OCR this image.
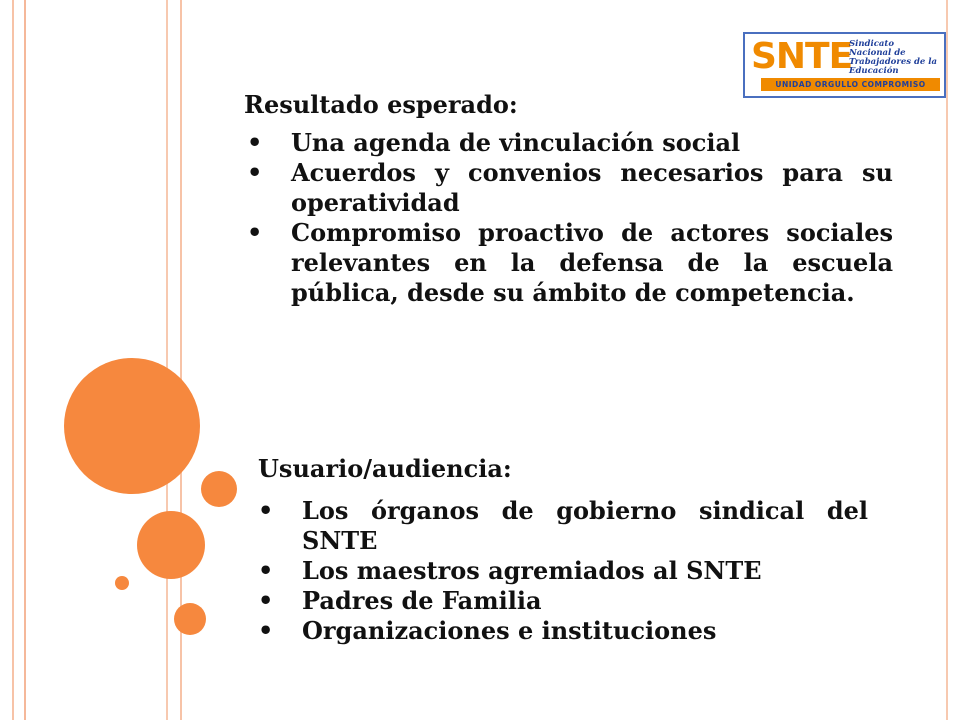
SNTE
Sindicato
Nacional de
Trabajadores de la
Educación
UNIDAD ORGULLO COMPROMISO
Resultado esperado:
• Una agenda de vinculación social
• Acuerdos y convenios necesarios para su operatividad
• Compromiso proactivo de actores sociales relevantes en la defensa de la escuela pública, desde su ámbito de competencia.
Usuario/audiencia:
• Los órganos de gobierno sindical del SNTE
• Los maestros agremiados al SNTE
• Padres de Familia
• Organizaciones e instituciones
